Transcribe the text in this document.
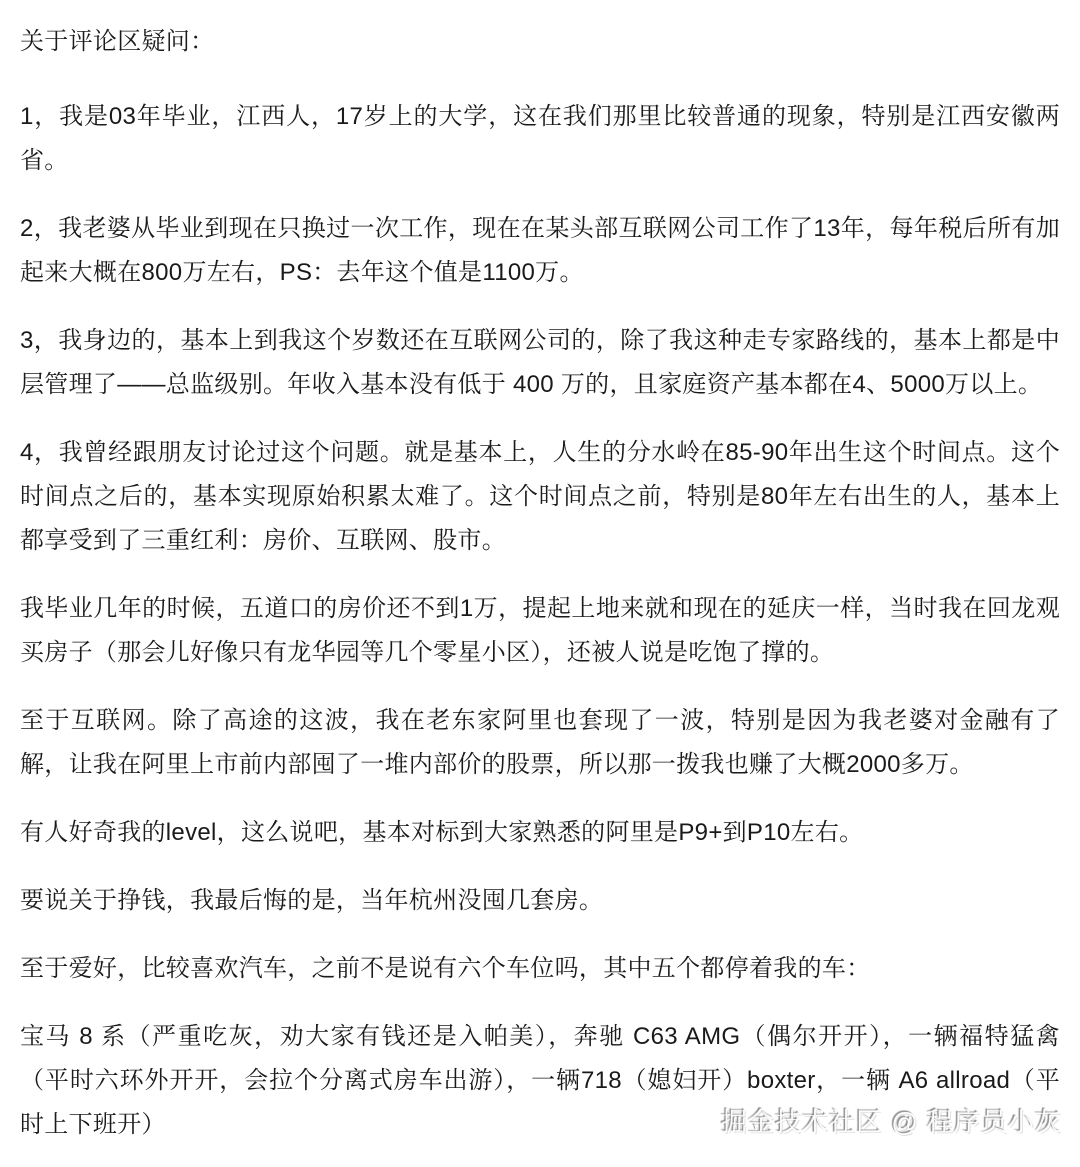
关于评论区疑问：

1，我是03年毕业，江西人，17岁上的大学，这在我们那里比较普通的现象，特别是江西安徽两省。

2，我老婆从毕业到现在只换过一次工作，现在在某头部互联网公司工作了13年，每年税后所有加起来大概在800万左右，PS：去年这个值是1100万。

3，我身边的，基本上到我这个岁数还在互联网公司的，除了我这种走专家路线的，基本上都是中层管理了——总监级别。年收入基本没有低于 400 万的，且家庭资产基本都在4、5000万以上。

4，我曾经跟朋友讨论过这个问题。就是基本上，人生的分水岭在85-90年出生这个时间点。这个时间点之后的，基本实现原始积累太难了。这个时间点之前，特别是80年左右出生的人，基本上都享受到了三重红利：房价、互联网、股市。

我毕业几年的时候，五道口的房价还不到1万，提起上地来就和现在的延庆一样，当时我在回龙观买房子（那会儿好像只有龙华园等几个零星小区），还被人说是吃饱了撑的。

至于互联网。除了高途的这波，我在老东家阿里也套现了一波，特别是因为我老婆对金融有了解，让我在阿里上市前内部囤了一堆内部价的股票，所以那一拨我也赚了大概2000多万。

有人好奇我的level，这么说吧，基本对标到大家熟悉的阿里是P9+到P10左右。

要说关于挣钱，我最后悔的是，当年杭州没囤几套房。

至于爱好，比较喜欢汽车，之前不是说有六个车位吗，其中五个都停着我的车：

宝马 8 系（严重吃灰，劝大家有钱还是入帕美），奔驰 C63 AMG（偶尔开开），一辆福特猛禽（平时六环外开开，会拉个分离式房车出游），一辆718（媳妇开）boxter，一辆 A6 allroad（平时上下班开）	掘金技术社区 @ 程序员小灰
